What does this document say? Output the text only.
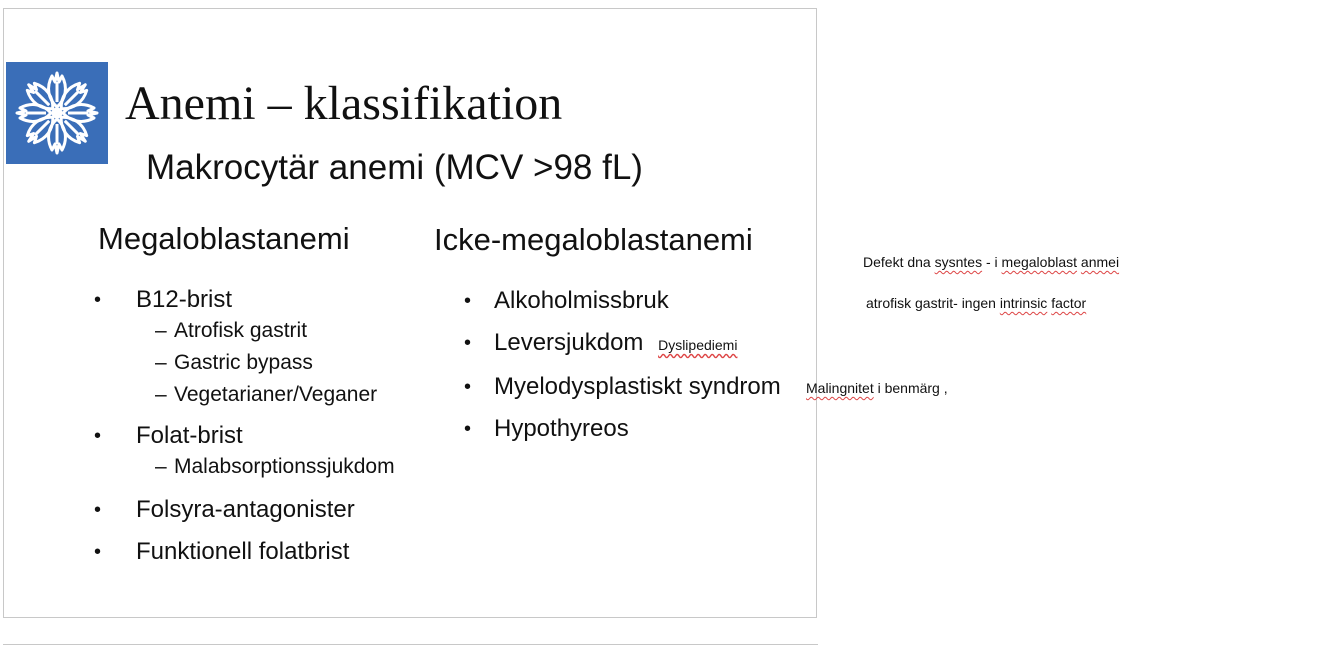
Anemi – klassifikation
Makrocytär anemi (MCV >98 fL)
Megaloblastanemi
• B12-brist
– Atrofisk gastrit
– Gastric bypass
– Vegetarianer/Veganer
• Folat-brist
– Malabsorptionssjukdom
• Folsyra-antagonister
• Funktionell folatbrist
Icke-megaloblastanemi
• Alkoholmissbruk
• Leversjukdom Dyslipediemi
• Myelodysplastiskt syndrom
• Hypothyreos
Defekt dna sysntes - i megaloblast anmei
atrofisk gastrit- ingen intrinsic factor
Malingnitet i benmärg ,
